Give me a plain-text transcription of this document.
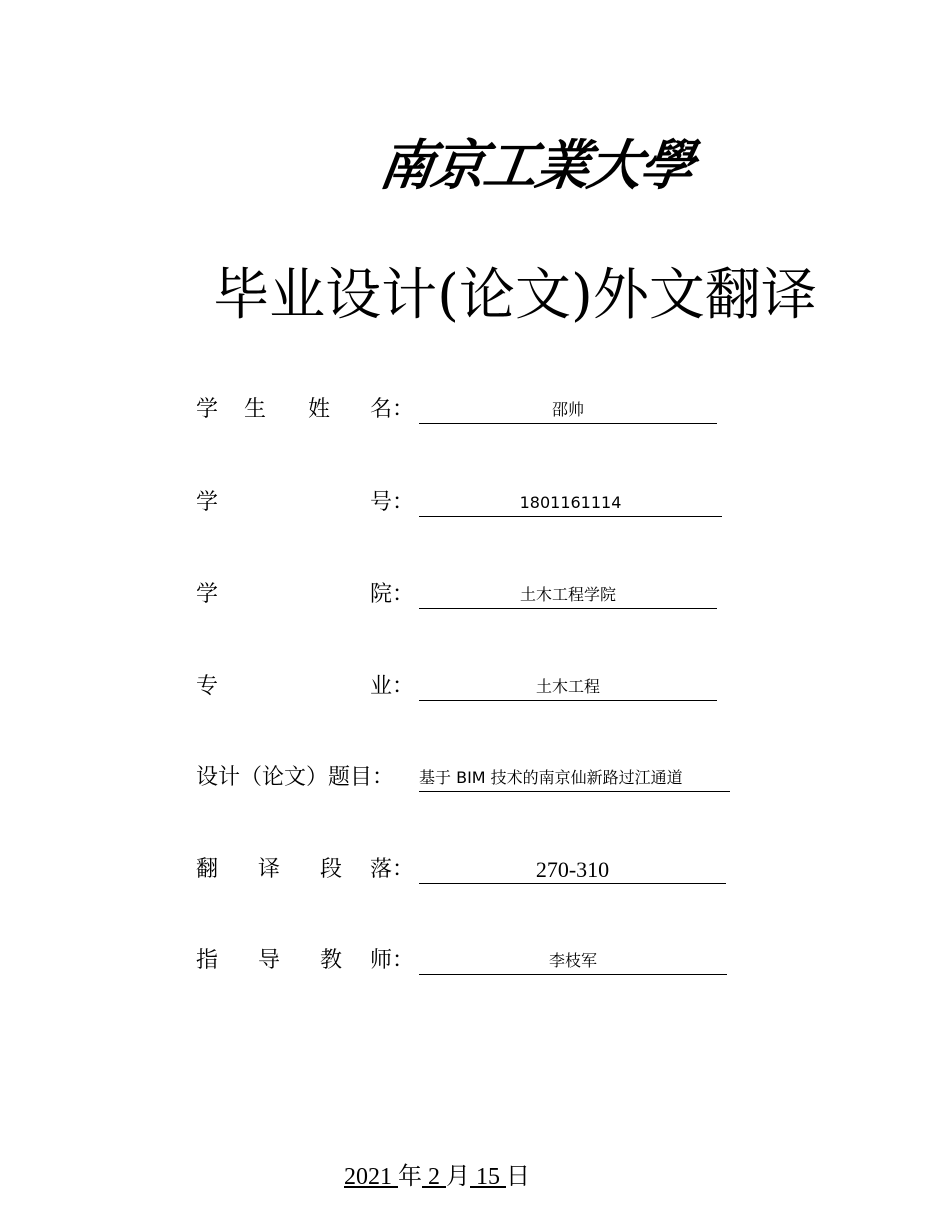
南京工業大學
毕业设计(论文)外文翻译
学 生 姓 名：	邵帅
学	号：	1801161114
学	院：	土木工程学院
专	业：	土木工程
设计（论文）题目： 基于 BIM 技术的南京仙新路过江通道
翻 译 段 落：	270-310
指 导 教 师：	李枝军
2021 年 2 月 15 日
